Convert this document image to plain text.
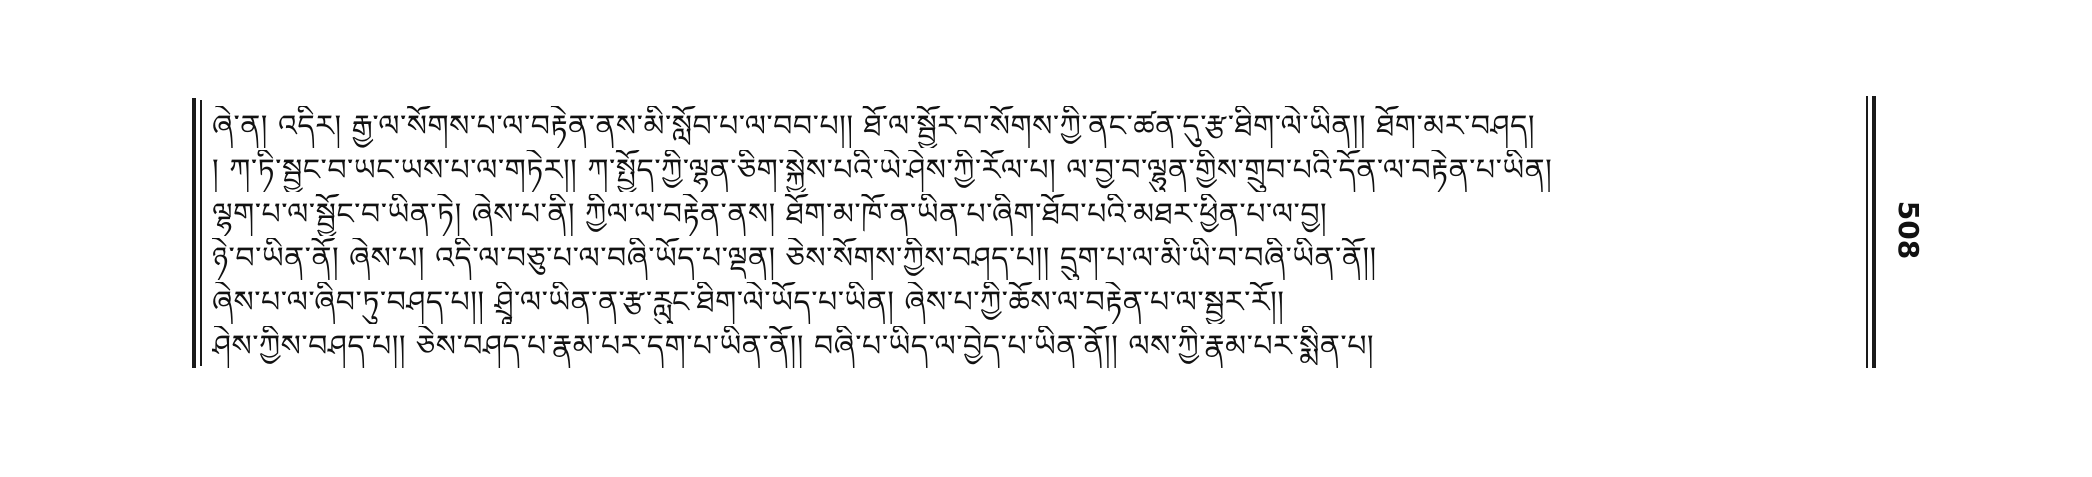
ཞེ་ན། འདིར། རྒྱ་ལ་སོགས་པ་ལ་བརྟེན་ནས་མི་སློབ་པ་ལ་བབ་པ།། ཐོ་ལ་སྦྱོར་བ་སོགས་ཀྱི་ནང་ཚན་དུ་རྩ་ཐིག་ལེ་ཡིན།། ཐོག་མར་བཤད།
། ཀ་ཏི་སྦྱང་བ་ཡང་ཡས་པ་ལ་གཏེར།། ཀ་སྤྱོད་ཀྱི་ལྷན་ཅིག་སྐྱེས་པའི་ཡེ་ཤེས་ཀྱི་རོལ་པ། ལ་བྱ་བ་ལྷུན་གྱིས་གྲུབ་པའི་དོན་ལ་བརྟེན་པ་ཡིན།
ལྷག་པ་ལ་སྦྱོང་བ་ཡིན་ཏེ། ཞེས་པ་ནི། ཀྱིལ་ལ་བརྟེན་ནས། ཐོག་མ་ཁོ་ན་ཡིན་པ་ཞིག་ཐོབ་པའི་མཐར་ཕྱིན་པ་ལ་བྱ།
ཉེ་བ་ཡིན་ནོ། ཞེས་པ། འདི་ལ་བཅུ་པ་ལ་བཞི་ཡོད་པ་ལྡན། ཅེས་སོགས་ཀྱིས་བཤད་པ།། དྲུག་པ་ལ་མི་ཡི་བ་བཞི་ཡིན་ནོ།།
ཞེས་པ་ལ་ཞིབ་ཏུ་བཤད་པ།། ཤྲཱི་ལ་ཡིན་ན་རྩ་རླུང་ཐིག་ལེ་ཡོད་པ་ཡིན། ཞེས་པ་ཀྱི་ཆོས་ལ་བརྟེན་པ་ལ་སྦྱར་རོ།།
ཤེས་ཀྱིས་བཤད་པ།། ཅེས་བཤད་པ་རྣམ་པར་དག་པ་ཡིན་ནོ།། བཞི་པ་ཡིད་ལ་བྱེད་པ་ཡིན་ནོ།། ལས་ཀྱི་རྣམ་པར་སྨིན་པ།
508
